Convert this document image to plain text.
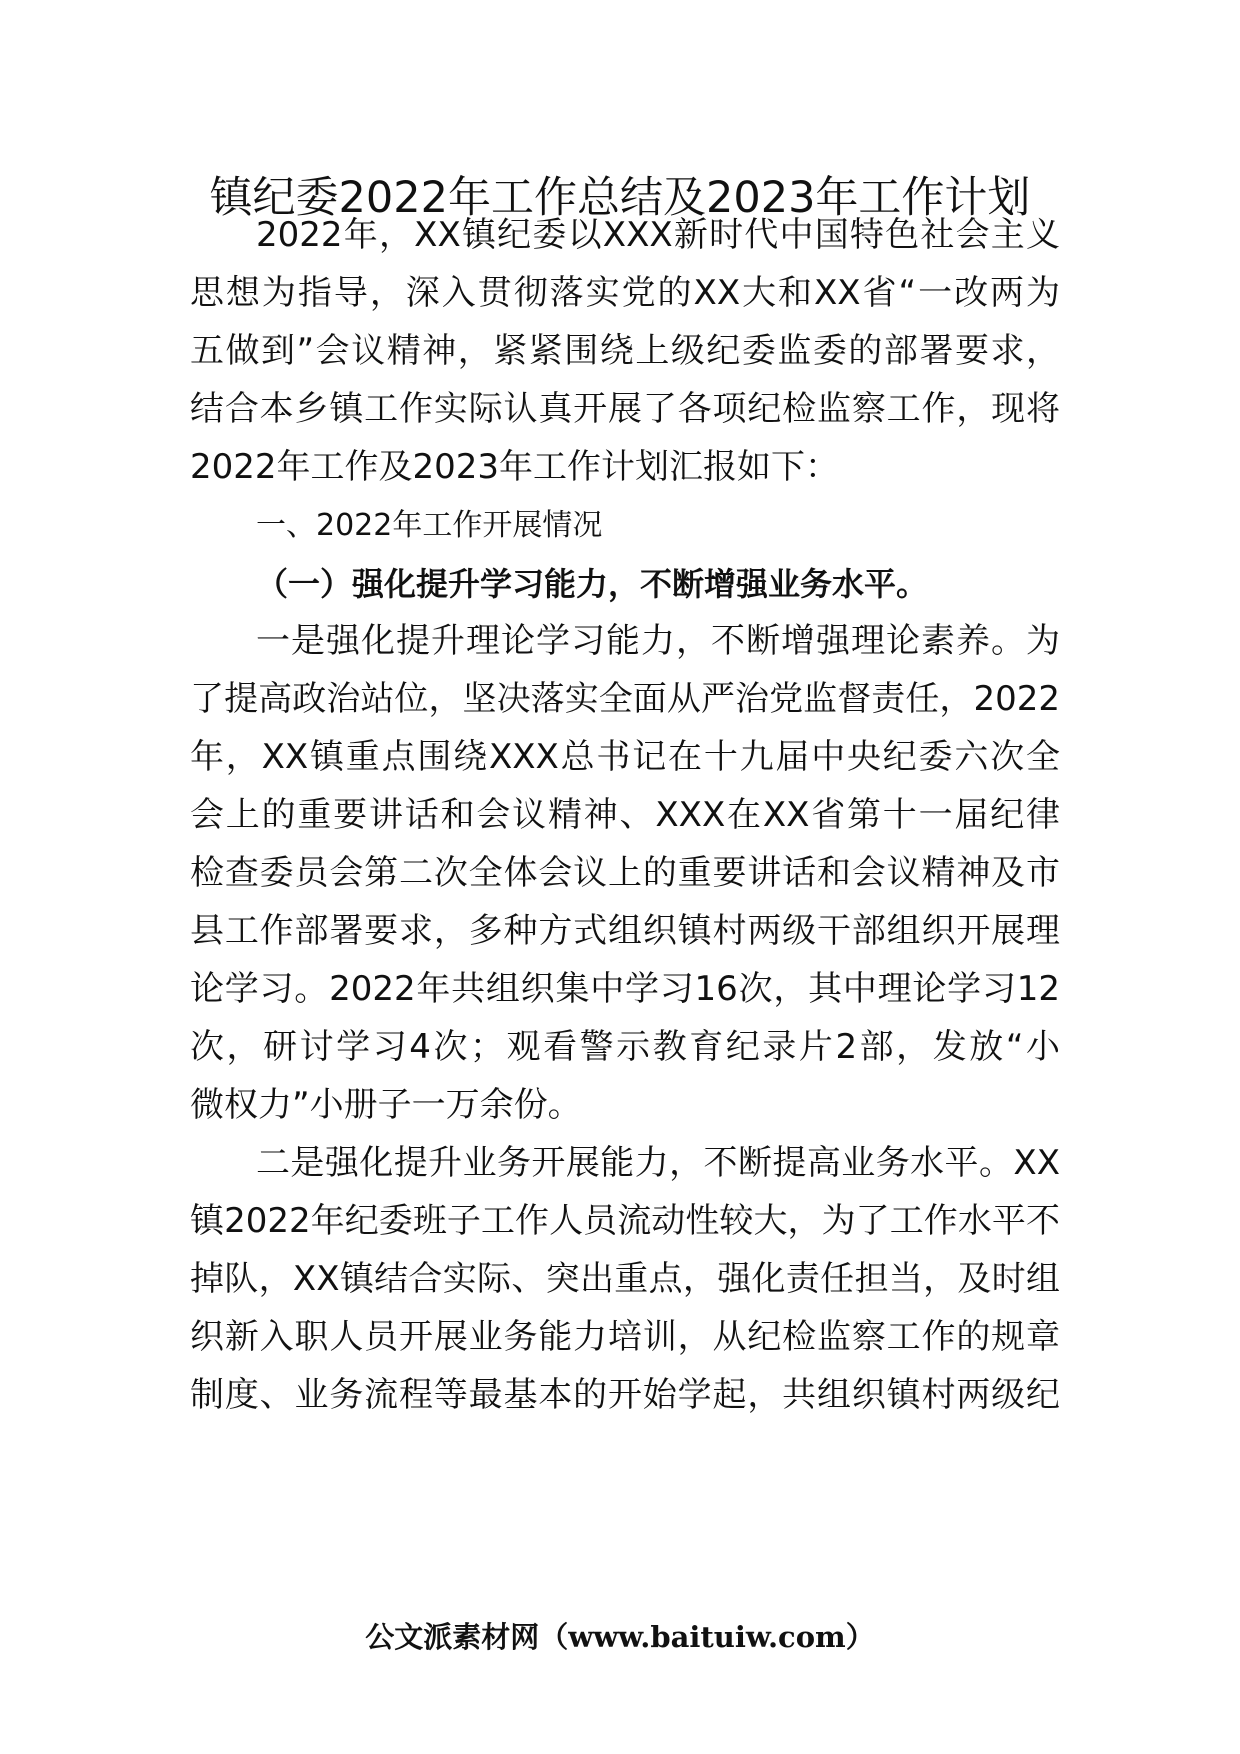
镇纪委2022年工作总结及2023年工作计划
2022年，XX镇纪委以XXX新时代中国特色社会主义
思想为指导，深入贯彻落实党的XX大和XX省“一改两为
五做到”会议精神，紧紧围绕上级纪委监委的部署要求，
结合本乡镇工作实际认真开展了各项纪检监察工作，现将
2022年工作及2023年工作计划汇报如下：
一、2022年工作开展情况
（一）强化提升学习能力，不断增强业务水平。
一是强化提升理论学习能力，不断增强理论素养。为
了提高政治站位，坚决落实全面从严治党监督责任，2022
年，XX镇重点围绕XXX总书记在十九届中央纪委六次全
会上的重要讲话和会议精神、XXX在XX省第十一届纪律
检查委员会第二次全体会议上的重要讲话和会议精神及市
县工作部署要求，多种方式组织镇村两级干部组织开展理
论学习。2022年共组织集中学习16次，其中理论学习12
次，研讨学习4次；观看警示教育纪录片2部，发放“小
微权力”小册子一万余份。
二是强化提升业务开展能力，不断提高业务水平。XX
镇2022年纪委班子工作人员流动性较大，为了工作水平不
掉队，XX镇结合实际、突出重点，强化责任担当，及时组
织新入职人员开展业务能力培训，从纪检监察工作的规章
制度、业务流程等最基本的开始学起，共组织镇村两级纪
公文派素材网（www.baituiw.com）
